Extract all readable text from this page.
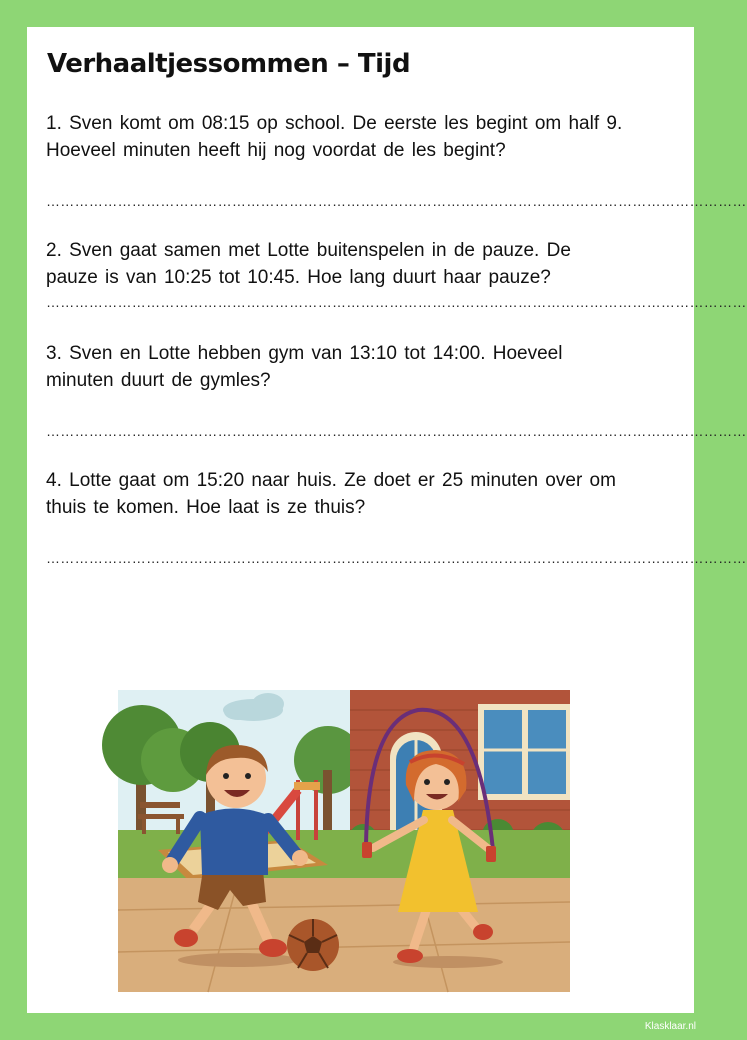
Verhaaltjessommen – Tijd
1. Sven komt om 08:15 op school. De eerste les begint om half 9.
Hoeveel minuten heeft hij nog voordat de les begint?
…………………………………………………………………………………………………………………………………
2. Sven gaat samen met Lotte buitenspelen in de pauze. De
pauze is van 10:25 tot 10:45. Hoe lang duurt haar pauze?
…………………………………………………………………………………………………………………………………
3. Sven en Lotte hebben gym van 13:10 tot 14:00. Hoeveel
minuten duurt de gymles?
…………………………………………………………………………………………………………………………………
4. Lotte gaat om 15:20 naar huis. Ze doet er 25 minuten over om
thuis te komen. Hoe laat is ze thuis?
…………………………………………………………………………………………………………………………………
Klasklaar.nl
